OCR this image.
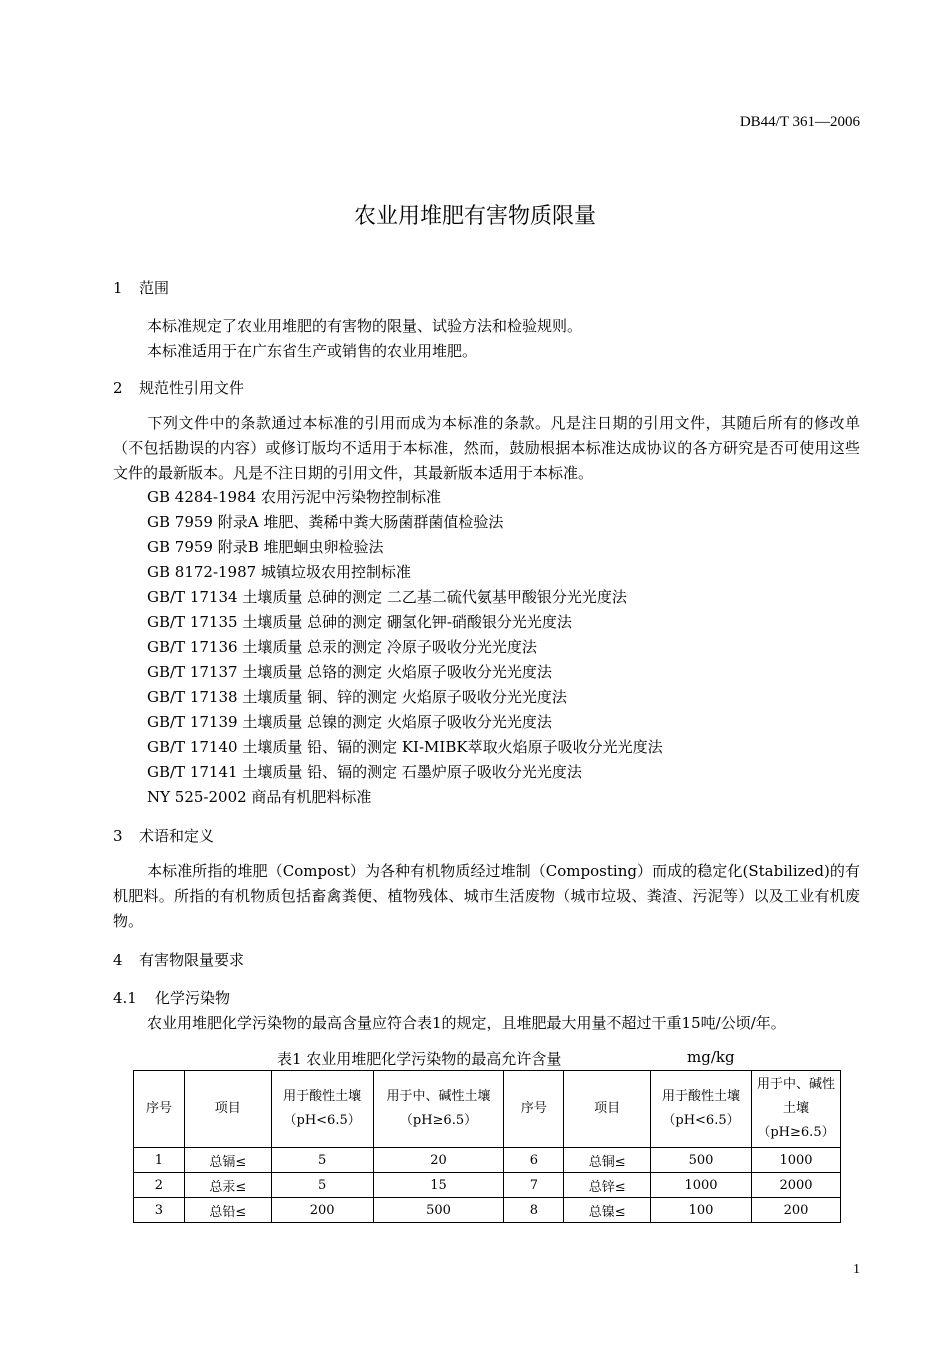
DB44/T 361—2006
农业用堆肥有害物质限量
1 范围
本标准规定了农业用堆肥的有害物的限量、试验方法和检验规则。
本标准适用于在广东省生产或销售的农业用堆肥。
2 规范性引用文件
下列文件中的条款通过本标准的引用而成为本标准的条款。凡是注日期的引用文件，其随后所有的修改单（不包括勘误的内容）或修订版均不适用于本标准，然而，鼓励根据本标准达成协议的各方研究是否可使用这些文件的最新版本。凡是不注日期的引用文件，其最新版本适用于本标准。
GB 4284-1984 农用污泥中污染物控制标准
GB 7959 附录A 堆肥、粪稀中粪大肠菌群菌值检验法
GB 7959 附录B 堆肥蛔虫卵检验法
GB 8172-1987 城镇垃圾农用控制标准
GB/T 17134 土壤质量 总砷的测定 二乙基二硫代氨基甲酸银分光光度法
GB/T 17135 土壤质量 总砷的测定 硼氢化钾-硝酸银分光光度法
GB/T 17136 土壤质量 总汞的测定 冷原子吸收分光光度法
GB/T 17137 土壤质量 总铬的测定 火焰原子吸收分光光度法
GB/T 17138 土壤质量 铜、锌的测定 火焰原子吸收分光光度法
GB/T 17139 土壤质量 总镍的测定 火焰原子吸收分光光度法
GB/T 17140 土壤质量 铅、镉的测定 KI-MIBK萃取火焰原子吸收分光光度法
GB/T 17141 土壤质量 铅、镉的测定 石墨炉原子吸收分光光度法
NY 525-2002 商品有机肥料标准
3 术语和定义
本标准所指的堆肥（Compost）为各种有机物质经过堆制（Composting）而成的稳定化(Stabilized)的有机肥料。所指的有机物质包括畜禽粪便、植物残体、城市生活废物（城市垃圾、粪渣、污泥等）以及工业有机废物。
4 有害物限量要求
4.1 化学污染物
农业用堆肥化学污染物的最高含量应符合表1的规定，且堆肥最大用量不超过干重15吨/公顷/年。
表1 农业用堆肥化学污染物的最高允许含量	mg/kg
序号	项目	用于酸性土壤（pH<6.5）	用于中、碱性土壤（pH≥6.5）	序号	项目	用于酸性土壤（pH<6.5）	用于中、碱性土壤（pH≥6.5）
1	总镉≤	5	20	6	总铜≤	500	1000
2	总汞≤	5	15	7	总锌≤	1000	2000
3	总铅≤	200	500	8	总镍≤	100	200
1
